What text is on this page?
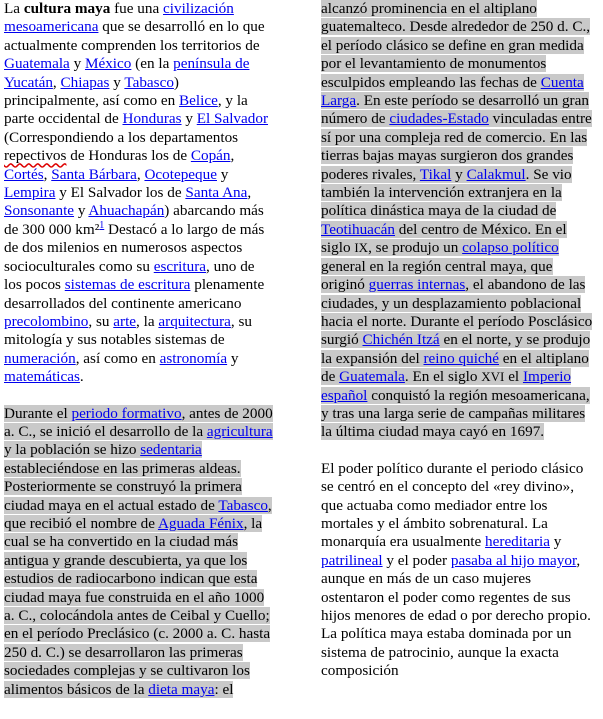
La cultura maya fue una civilización mesoamericana que se desarrolló en lo que actualmente comprenden los territorios de Guatemala y México (en la península de Yucatán, Chiapas y Tabasco) principalmente, así como en Belice, y la parte occidental de Honduras y El Salvador (Correspondiendo a los departamentos repectivos de Honduras los de Copán, Cortés, Santa Bárbara, Ocotepeque y Lempira y El Salvador los de Santa Ana, Sonsonante y Ahuachapán) abarcando más de 300 000 km²$^1$ Destacó a lo largo de más de dos milenios en numerosos aspectos socioculturales como su escritura, uno de los pocos sistemas de escritura plenamente desarrollados del continente americano precolombino, su arte, la arquitectura, su mitología y sus notables sistemas de numeración, así como en astronomía y matemáticas.

Durante el periodo formativo, antes de 2000 a. C., se inició el desarrollo de la agricultura y la población se hizo sedentaria estableciéndose en las primeras aldeas. Posteriormente se construyó la primera ciudad maya en el actual estado de Tabasco, que recibió el nombre de Aguada Fénix, la cual se ha convertido en la ciudad más antigua y grande descubierta, ya que los estudios de radiocarbono indican que esta ciudad maya fue construida en el año 1000 a. C., colocándola antes de Ceibal y Cuello; en el período Preclásico (c. 2000 a. C. hasta 250 d. C.) se desarrollaron las primeras sociedades complejas y se cultivaron los alimentos básicos de la dieta maya: el

alcanzó prominencia en el altiplano guatemalteco. Desde alrededor de 250 d. C., el período clásico se define en gran medida por el levantamiento de monumentos esculpidos empleando las fechas de Cuenta Larga. En este período se desarrolló un gran número de ciudades-Estado vinculadas entre sí por una compleja red de comercio. En las tierras bajas mayas surgieron dos grandes poderes rivales, Tikal y Calakmul. Se vio también la intervención extranjera en la política dinástica maya de la ciudad de Teotihuacán del centro de México. En el siglo IX, se produjo un colapso político general en la región central maya, que originó guerras internas, el abandono de las ciudades, y un desplazamiento poblacional hacia el norte. Durante el período Posclásico surgió Chichén Itzá en el norte, y se produjo la expansión del reino quiché en el altiplano de Guatemala. En el siglo XVI el Imperio español conquistó la región mesoamericana, y tras una larga serie de campañas militares la última ciudad maya cayó en 1697.

El poder político durante el periodo clásico se centró en el concepto del «rey divino», que actuaba como mediador entre los mortales y el ámbito sobrenatural. La monarquía era usualmente hereditaria y patrilineal y el poder pasaba al hijo mayor, aunque en más de un caso mujeres ostentaron el poder como regentes de sus hijos menores de edad o por derecho propio. La política maya estaba dominada por un sistema de patrocinio, aunque la exacta composición
